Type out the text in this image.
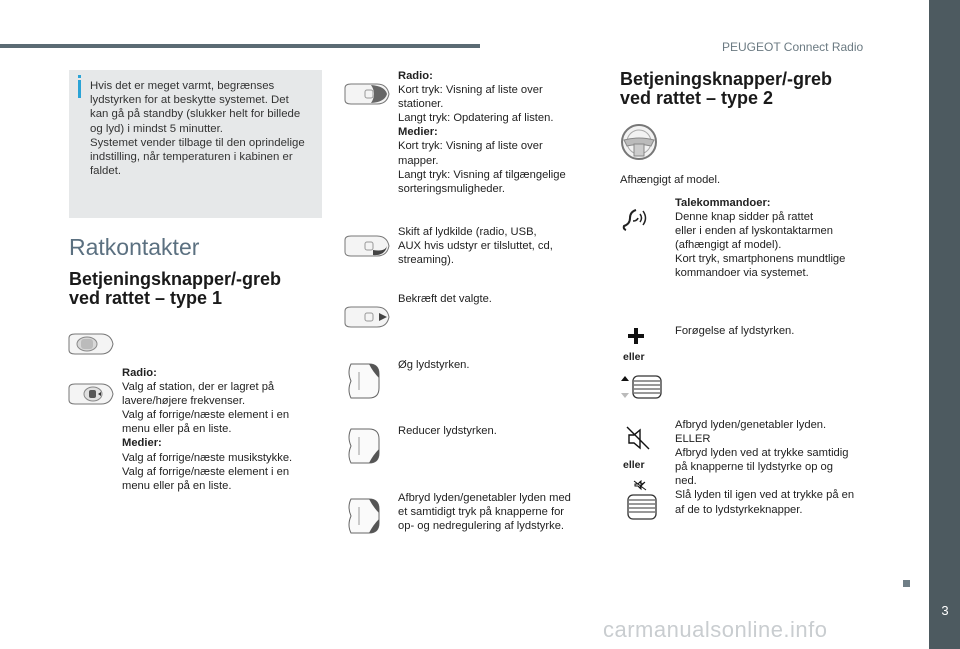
PEUGEOT Connect Radio
3
carmanualsonline.info
Hvis det er meget varmt, begrænses
lydstyrken for at beskytte systemet. Det
kan gå på standby (slukker helt for billede
og lyd) i mindst 5 minutter.
Systemet vender tilbage til den oprindelige
indstilling, når temperaturen i kabinen er
faldet.
Ratkontakter
Betjeningsknapper/-greb
ved rattet – type 1
Radio:
Valg af station, der er lagret på
lavere/højere frekvenser.
Valg af forrige/næste element i en
menu eller på en liste.
Medier:
Valg af forrige/næste musikstykke.
Valg af forrige/næste element i en
menu eller på en liste.
Radio:
Kort tryk: Visning af liste over
stationer.
Langt tryk: Opdatering af listen.
Medier:
Kort tryk: Visning af liste over
mapper.
Langt tryk: Visning af tilgængelige
sorteringsmuligheder.
Skift af lydkilde (radio, USB,
AUX hvis udstyr er tilsluttet, cd,
streaming).
Bekræft det valgte.
Øg lydstyrken.
Reducer lydstyrken.
Afbryd lyden/genetabler lyden med
et samtidigt tryk på knapperne for
op- og nedregulering af lydstyrke.
Betjeningsknapper/-greb
ved rattet – type 2
Afhængigt af model.
Talekommandoer:
Denne knap sidder på rattet
eller i enden af lyskontaktarmen
(afhængigt af model).
Kort tryk, smartphonens mundtlige
kommandoer via systemet.
eller
Forøgelse af lydstyrken.
eller
Afbryd lyden/genetabler lyden.
ELLER
Afbryd lyden ved at trykke samtidig
på knapperne til lydstyrke op og
ned.
Slå lyden til igen ved at trykke på en
af de to lydstyrkeknapper.
